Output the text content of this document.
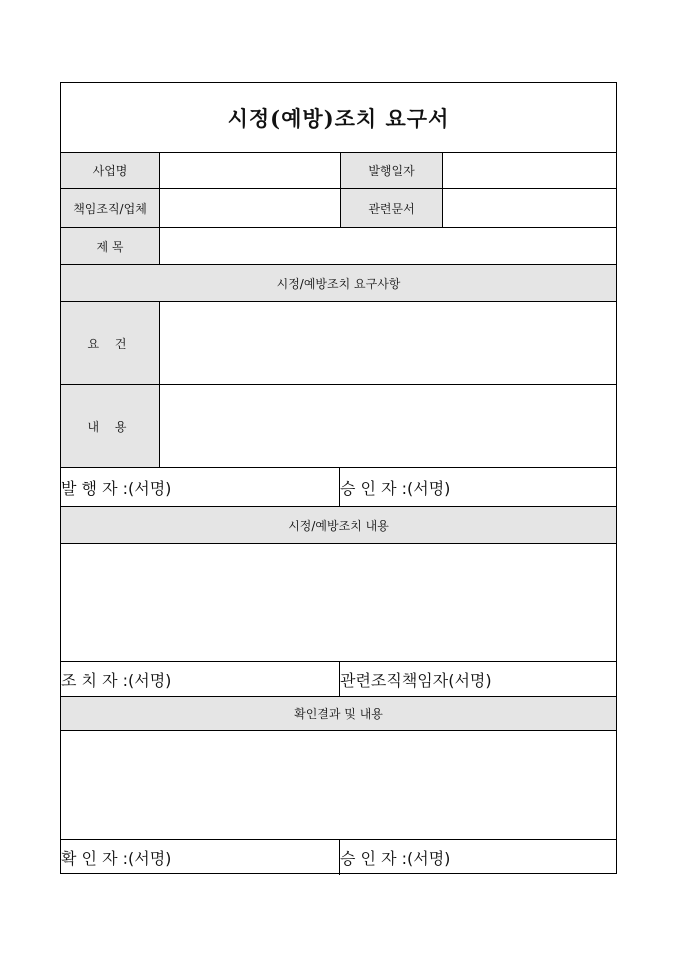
시정(예방)조치 요구서
사업명	발행일자
책임조직/업체	관련문서
제 목
시정/예방조치 요구사항
요 건
내 용
발 행 자 : (서명)	승 인 자 : (서명)
시정/예방조치 내용
조 치 자 : (서명)	관련조직책임자 (서명)
확인결과 및 내용
확 인 자 : (서명)	승 인 자 : (서명)
